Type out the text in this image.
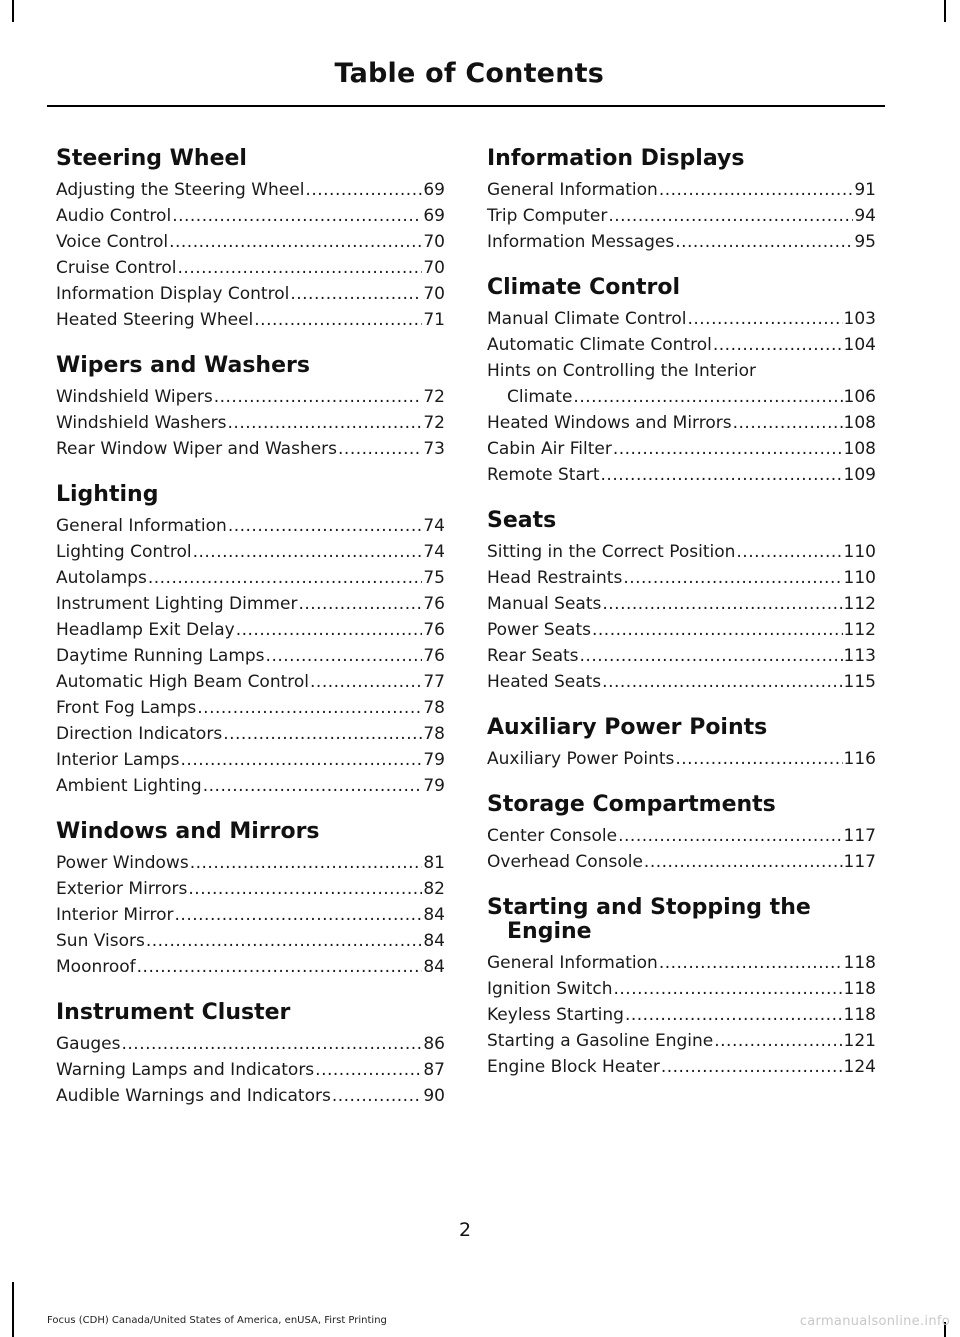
Table of Contents
Steering Wheel
Adjusting the Steering Wheel .....	69
Audio Control .....	69
Voice Control .....	70
Cruise Control .....	70
Information Display Control .....	70
Heated Steering Wheel .....	71
Wipers and Washers
Windshield Wipers .....	72
Windshield Washers .....	72
Rear Window Wiper and Washers .....	73
Lighting
General Information .....	74
Lighting Control .....	74
Autolamps .....	75
Instrument Lighting Dimmer .....	76
Headlamp Exit Delay .....	76
Daytime Running Lamps .....	76
Automatic High Beam Control .....	77
Front Fog Lamps .....	78
Direction Indicators .....	78
Interior Lamps .....	79
Ambient Lighting .....	79
Windows and Mirrors
Power Windows .....	81
Exterior Mirrors .....	82
Interior Mirror .....	84
Sun Visors .....	84
Moonroof .....	84
Instrument Cluster
Gauges .....	86
Warning Lamps and Indicators .....	87
Audible Warnings and Indicators .....	90
Information Displays
General Information .....	91
Trip Computer .....	94
Information Messages .....	95
Climate Control
Manual Climate Control .....	103
Automatic Climate Control .....	104
Hints on Controlling the Interior
Climate .....	106
Heated Windows and Mirrors .....	108
Cabin Air Filter .....	108
Remote Start .....	109
Seats
Sitting in the Correct Position .....	110
Head Restraints .....	110
Manual Seats .....	112
Power Seats .....	112
Rear Seats .....	113
Heated Seats .....	115
Auxiliary Power Points
Auxiliary Power Points .....	116
Storage Compartments
Center Console .....	117
Overhead Console .....	117
Starting and Stopping the
Engine
General Information .....	118
Ignition Switch .....	118
Keyless Starting .....	118
Starting a Gasoline Engine .....	121
Engine Block Heater .....	124
2
Focus (CDH) Canada/United States of America, enUSA, First Printing	carmanualsonline.info
